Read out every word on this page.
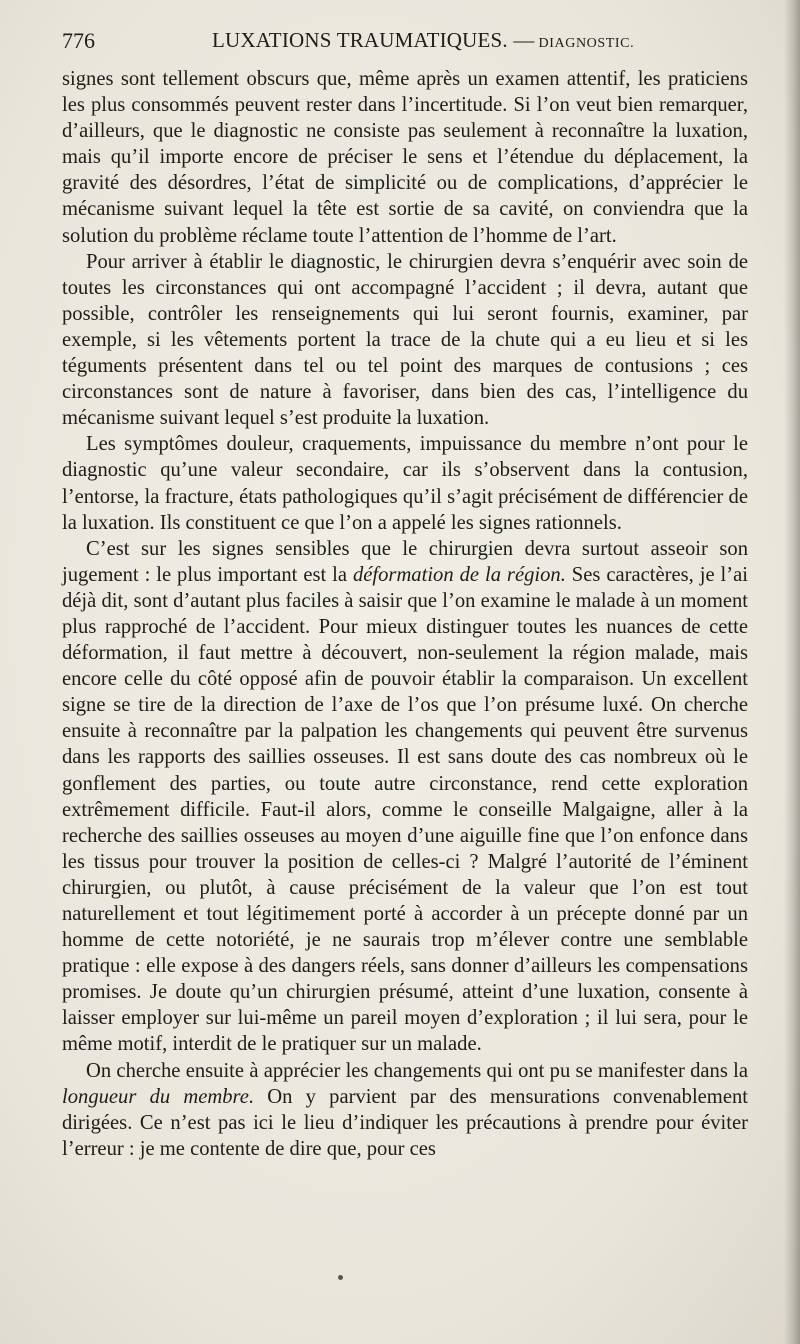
776	LUXATIONS TRAUMATIQUES. — DIAGNOSTIC.

signes sont tellement obscurs que, même après un examen attentif, les praticiens les plus consommés peuvent rester dans l’incertitude. Si l’on veut bien remarquer, d’ailleurs, que le diagnostic ne consiste pas seulement à reconnaître la luxation, mais qu’il importe encore de préciser le sens et l’étendue du déplacement, la gravité des désordres, l’état de simplicité ou de complications, d’apprécier le mécanisme suivant lequel la tête est sortie de sa cavité, on conviendra que la solution du problème réclame toute l’attention de l’homme de l’art.

Pour arriver à établir le diagnostic, le chirurgien devra s’enquérir avec soin de toutes les circonstances qui ont accompagné l’accident ; il devra, autant que possible, contrôler les renseignements qui lui seront fournis, examiner, par exemple, si les vêtements portent la trace de la chute qui a eu lieu et si les téguments présentent dans tel ou tel point des marques de contusions ; ces circonstances sont de nature à favoriser, dans bien des cas, l’intelligence du mécanisme suivant lequel s’est produite la luxation.

Les symptômes douleur, craquements, impuissance du membre n’ont pour le diagnostic qu’une valeur secondaire, car ils s’observent dans la contusion, l’entorse, la fracture, états pathologiques qu’il s’agit précisément de différencier de la luxation. Ils constituent ce que l’on a appelé les signes rationnels.

C’est sur les signes sensibles que le chirurgien devra surtout asseoir son jugement : le plus important est la déformation de la région. Ses caractères, je l’ai déjà dit, sont d’autant plus faciles à saisir que l’on examine le malade à un moment plus rapproché de l’accident. Pour mieux distinguer toutes les nuances de cette déformation, il faut mettre à découvert, non-seulement la région malade, mais encore celle du côté opposé afin de pouvoir établir la comparaison. Un excellent signe se tire de la direction de l’axe de l’os que l’on présume luxé. On cherche ensuite à reconnaître par la palpation les changements qui peuvent être survenus dans les rapports des saillies osseuses. Il est sans doute des cas nombreux où le gonflement des parties, ou toute autre circonstance, rend cette exploration extrêmement difficile. Faut-il alors, comme le conseille Malgaigne, aller à la recherche des saillies osseuses au moyen d’une aiguille fine que l’on enfonce dans les tissus pour trouver la position de celles-ci ? Malgré l’autorité de l’éminent chirurgien, ou plutôt, à cause précisément de la valeur que l’on est tout naturellement et tout légitimement porté à accorder à un précepte donné par un homme de cette notoriété, je ne saurais trop m’élever contre une semblable pratique : elle expose à des dangers réels, sans donner d’ailleurs les compensations promises. Je doute qu’un chirurgien présumé, atteint d’une luxation, consente à laisser employer sur lui-même un pareil moyen d’exploration ; il lui sera, pour le même motif, interdit de le pratiquer sur un malade.

On cherche ensuite à apprécier les changements qui ont pu se manifester dans la longueur du membre. On y parvient par des mensurations convenablement dirigées. Ce n’est pas ici le lieu d’indiquer les précautions à prendre pour éviter l’erreur : je me contente de dire que, pour ces
